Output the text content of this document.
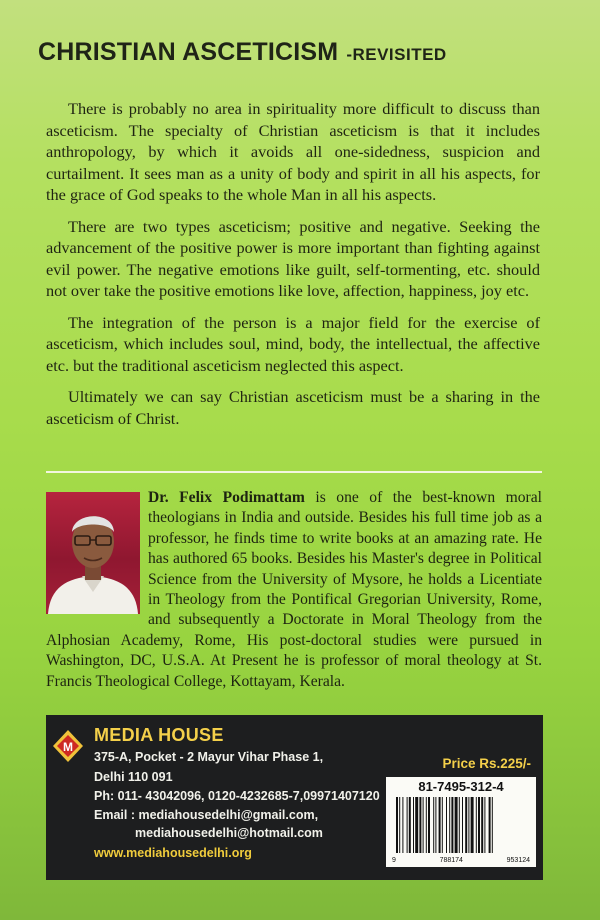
CHRISTIAN ASCETICISM -REVISITED

There is probably no area in spirituality more difficult to discuss than asceticism. The specialty of Christian asceticism is that it includes anthropology, by which it avoids all one-sidedness, suspicion and curtailment. It sees man as a unity of body and spirit in all his aspects, for the grace of God speaks to the whole Man in all his aspects.

There are two types asceticism; positive and negative. Seeking the advancement of the positive power is more important than fighting against evil power. The negative emotions like guilt, self-tormenting, etc. should not over take the positive emotions like love, affection, happiness, joy etc.

The integration of the person is a major field for the exercise of asceticism, which includes soul, mind, body, the intellectual, the affective etc. but the traditional asceticism neglected this aspect.

Ultimately we can say Christian asceticism must be a sharing in the asceticism of Christ.

Dr. Felix Podimattam is one of the best-known moral theologians in India and outside. Besides his full time job as a professor, he finds time to write books at an amazing rate. He has authored 65 books. Besides his Master's degree in Political Science from the University of Mysore, he holds a Licentiate in Theology from the Pontifical Gregorian University, Rome, and subsequently a Doctorate in Moral Theology from the Alphosian Academy, Rome, His post-doctoral studies were pursued in Washington, DC, U.S.A. At Present he is professor of moral theology at St. Francis Theological College, Kottayam, Kerala.

M
MEDIA HOUSE
375-A, Pocket - 2 Mayur Vihar Phase 1,
Delhi 110 091
Ph: 011- 43042096, 0120-4232685-7,09971407120
Email : mediahousedelhi@gmail.com,
mediahousedelhi@hotmail.com
www.mediahousedelhi.org
Price Rs.225/-
81-7495-312-4
9	788174	953124
